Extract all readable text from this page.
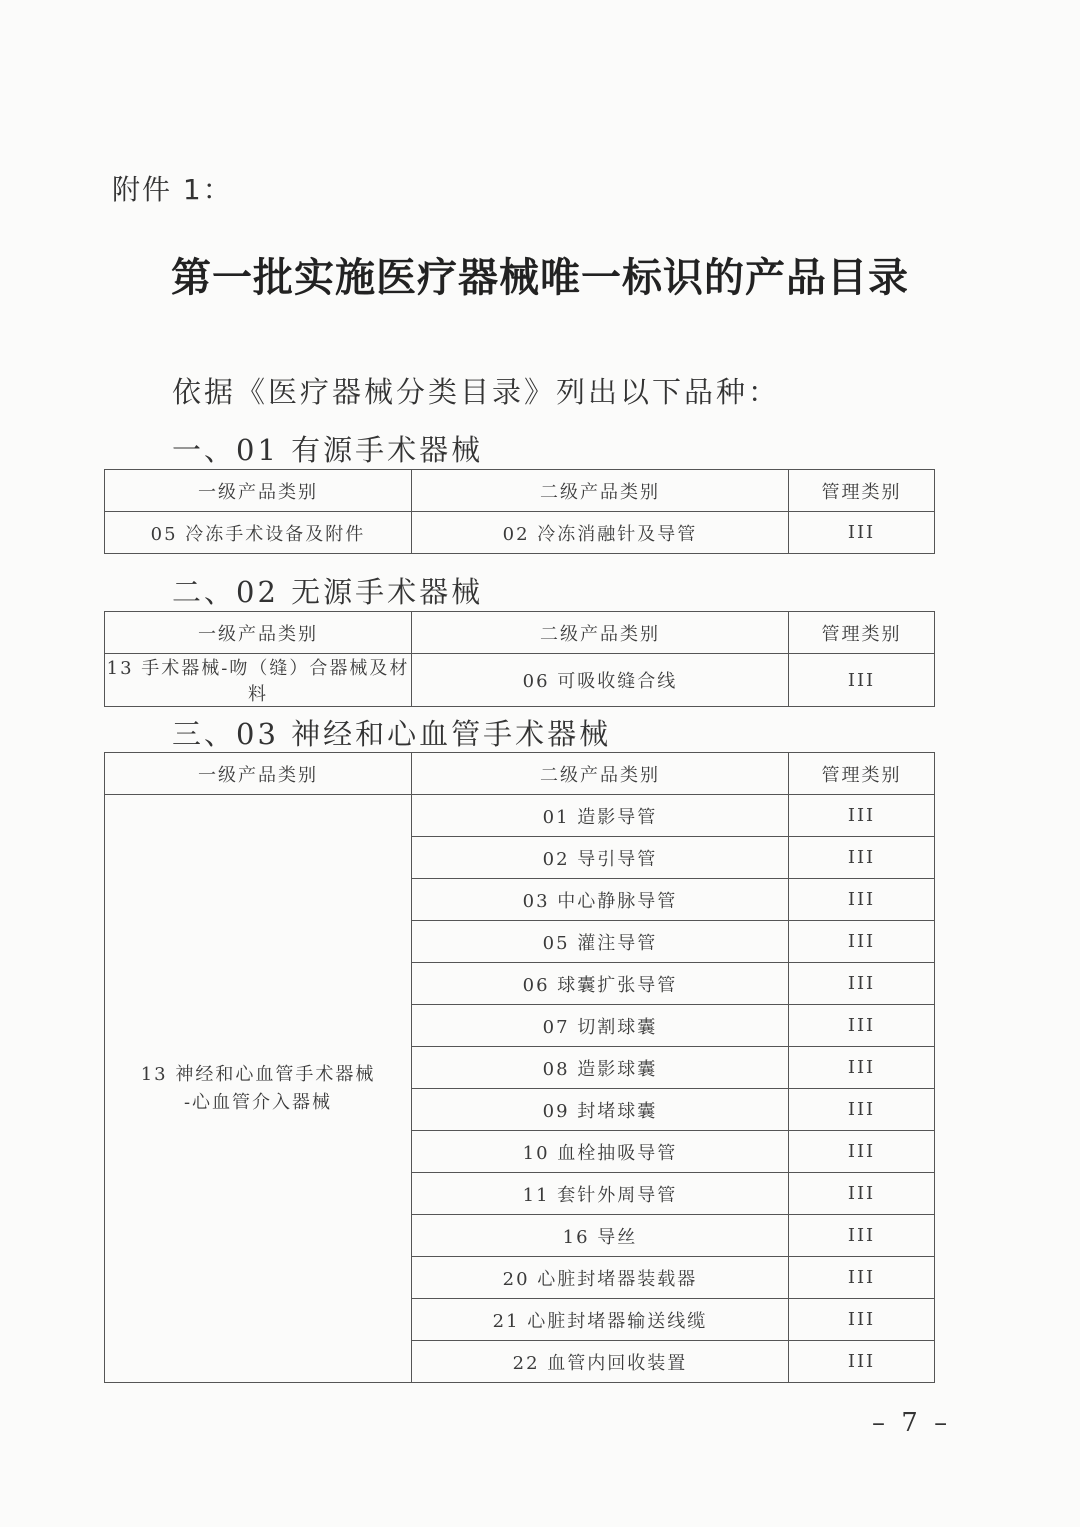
附件 1：
第一批实施医疗器械唯一标识的产品目录
依据《医疗器械分类目录》列出以下品种：
一、01 有源手术器械
一级产品类别	二级产品类别	管理类别
05 冷冻手术设备及附件	02 冷冻消融针及导管	III
二、02 无源手术器械
一级产品类别	二级产品类别	管理类别
13 手术器械-吻（缝）合器械及材料	06 可吸收缝合线	III
三、03 神经和心血管手术器械
一级产品类别	二级产品类别	管理类别

13 神经和心血管手术器械
-心血管介入器械	01 造影导管	III
	02 导引导管	III
	03 中心静脉导管	III
	05 灌注导管	III
	06 球囊扩张导管	III
	07 切割球囊	III
	08 造影球囊	III
	09 封堵球囊	III
	10 血栓抽吸导管	III
	11 套针外周导管	III
	16 导丝	III
	20 心脏封堵器装载器	III
	21 心脏封堵器输送线缆	III
	22 血管内回收装置	III
– 7 –
